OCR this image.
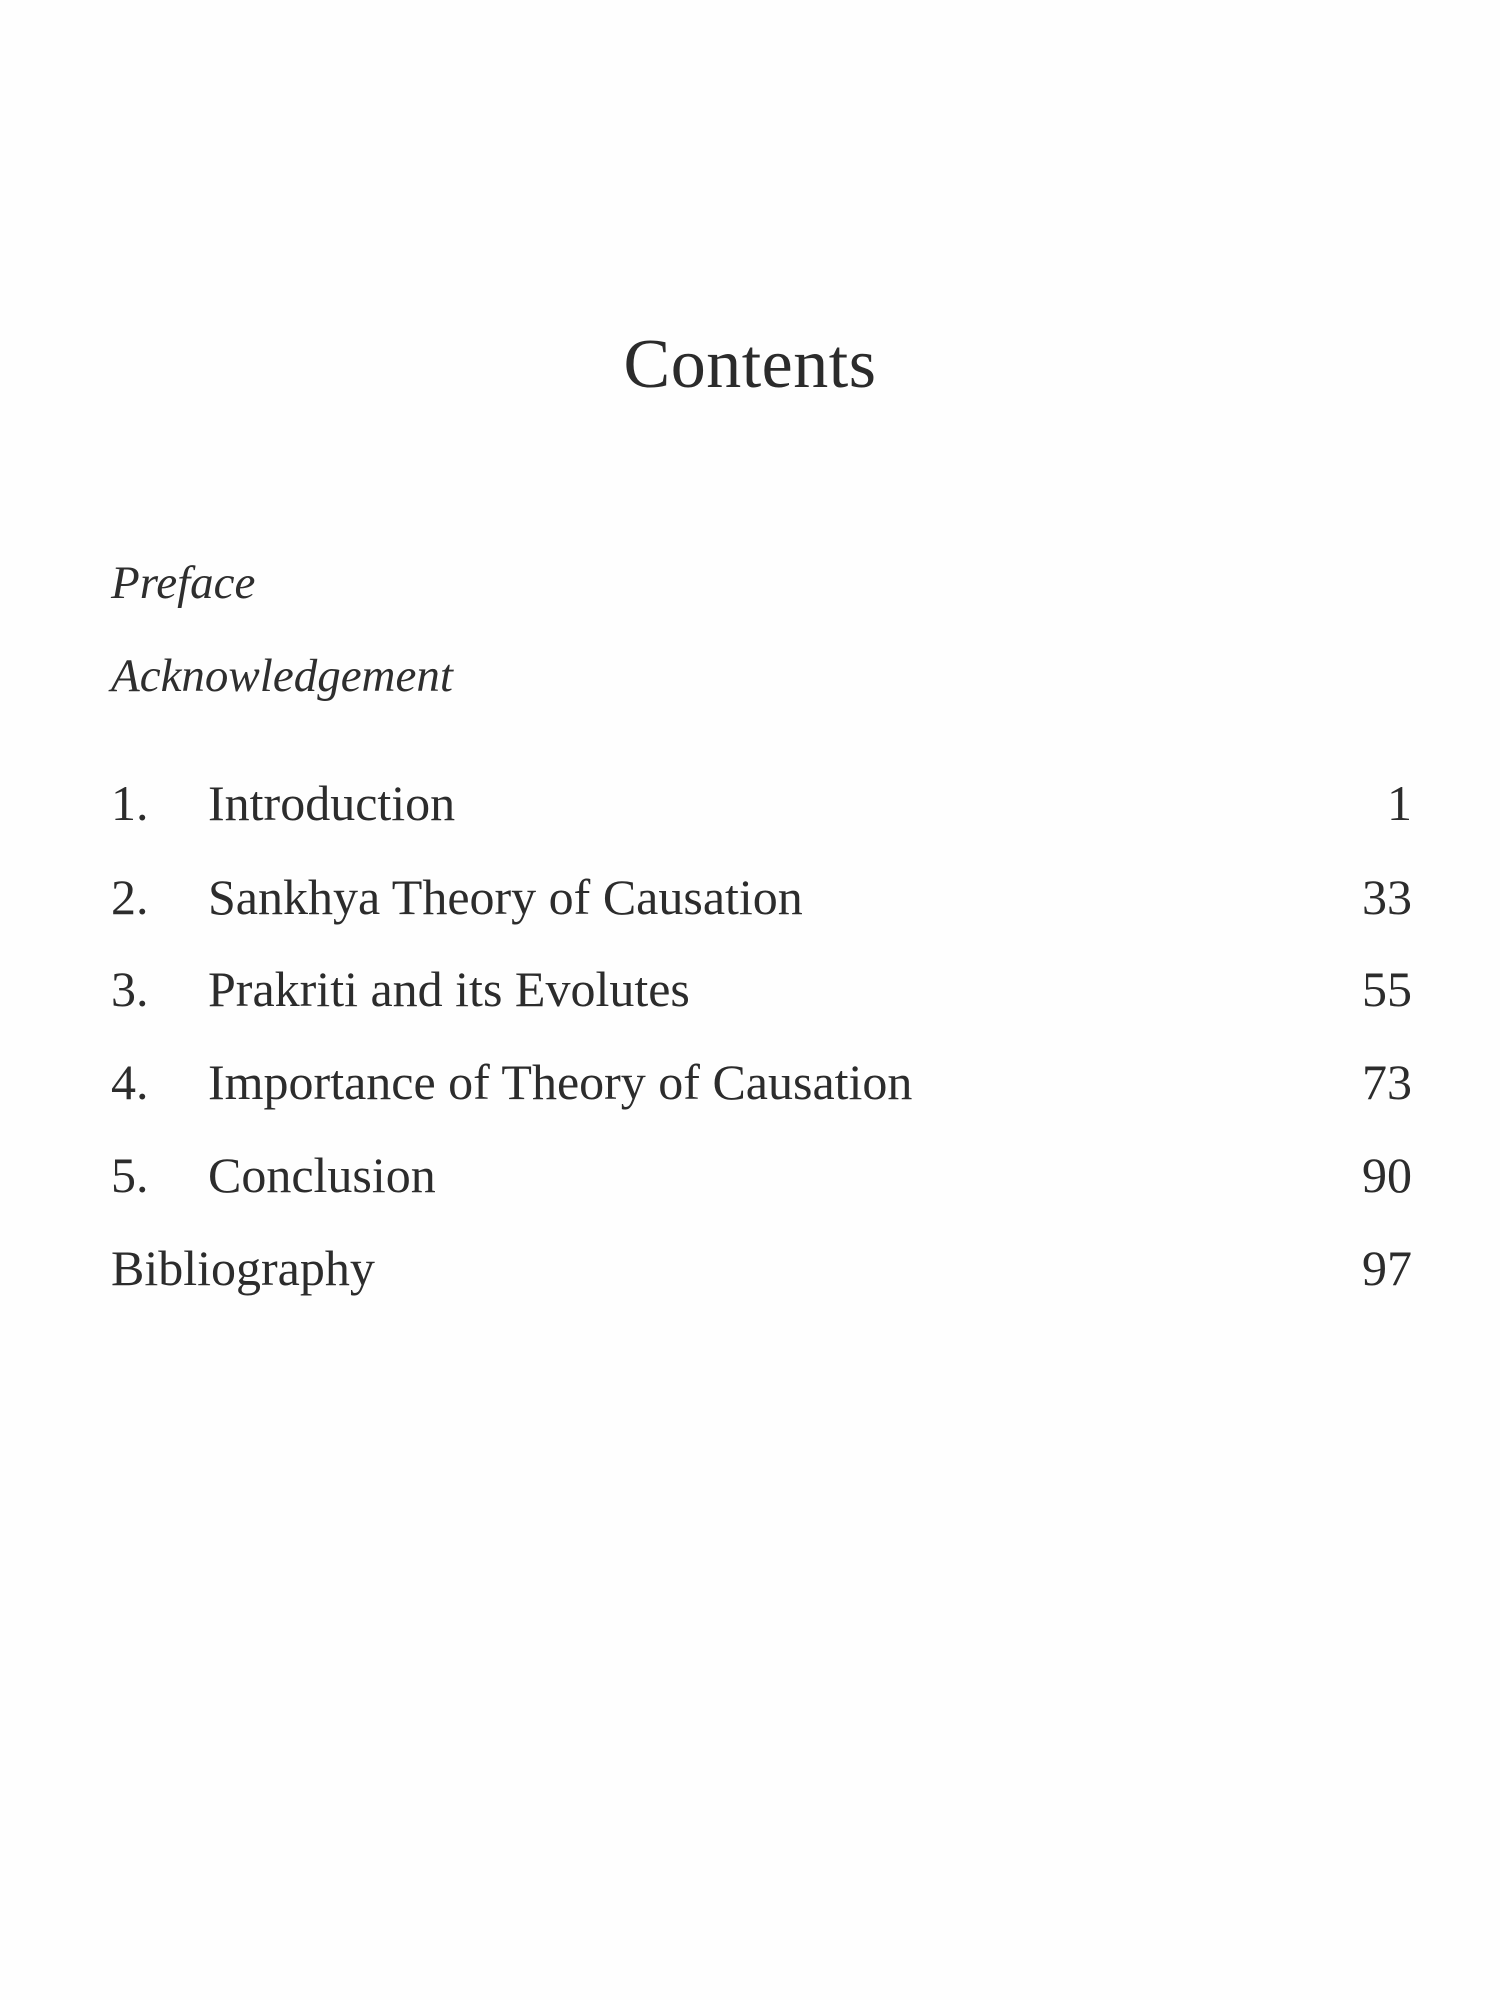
Contents
Preface
Acknowledgement
1.	Introduction	1
2.	Sankhya Theory of Causation	33
3.	Prakriti and its Evolutes	55
4.	Importance of Theory of Causation	73
5.	Conclusion	90
Bibliography	97
